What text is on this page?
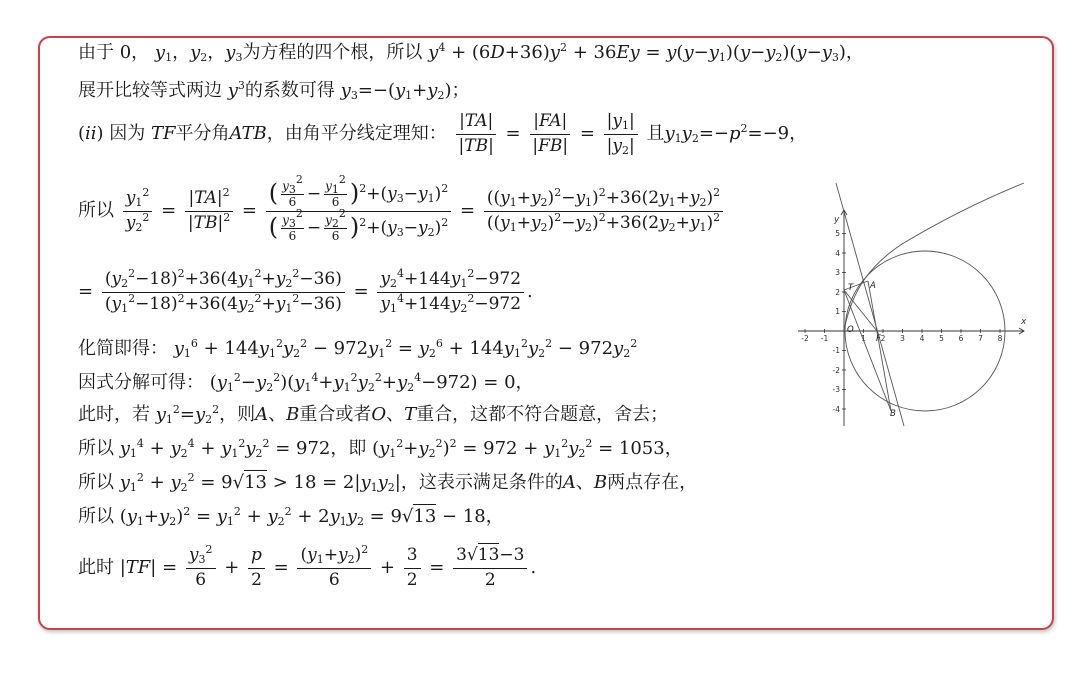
由于 0， $y_1$，$y_2$，$y_3$为方程的四个根，所以 $y^4 + (6D+36)y^2 + 36Ey = y(y-y_1)(y-y_2)(y-y_3)$，
展开比较等式两边 $y^3$的系数可得 $y_3=-(y_1+y_2)$；
(ii) 因为 TF平分角ATB，由角平分线定理知： $\frac{|TA|}{|TB|} = \frac{|FA|}{|FB|} = \frac{|y_1|}{|y_2|}$ 且$y_1y_2=-p^2=-9$，
所以 $\frac{y_1^2}{y_2^2} = \frac{|TA|^2}{|TB|^2} = \frac{( \frac{y_3^2}{6} - \frac{y_1^2}{6} )^2+(y_3-y_1)^2}{( \frac{y_3^2}{6} - \frac{y_2^2}{6} )^2+(y_3-y_2)^2} = \frac{((y_1+y_2)^2-y_1)^2+36(2y_1+y_2)^2}{((y_1+y_2)^2-y_2)^2+36(2y_2+y_1)^2}$
= $\frac{(y_2^2-18)^2+36(4y_1^2+y_2^2-36)}{(y_1^2-18)^2+36(4y_2^2+y_1^2-36)} = \frac{y_2^4+144y_1^2-972}{y_1^4+144y_2^2-972}$ .
化简即得： $y_1^6 + 144y_1^2y_2^2 - 972y_1^2 = y_2^6 + 144y_1^2y_2^2 - 972y_2^2$
因式分解可得： $(y_1^2-y_2^2)(y_1^4+y_1^2y_2^2+y_2^4-972) = 0$，
此时，若 $y_1^2=y_2^2$，则A、B重合或者O、T重合，这都不符合题意，舍去；
所以 $y_1^4 + y_2^4 + y_1^2y_2^2 = 972$，即 $(y_1^2+y_2^2)^2 = 972 + y_1^2y_2^2 = 1053$，
所以 $y_1^2 + y_2^2 = 9√13 > 18 = 2|y_1y_2|$，这表示满足条件的A、B两点存在，
所以 $(y_1+y_2)^2 = y_1^2 + y_2^2 + 2y_1y_2 = 9√13 - 18$，
此时 $|TF| = \frac{y_3^2}{6} + \frac{p}{2} = \frac{(y_1+y_2)^2}{6} + \frac{3}{2} = \frac{3√13-3}{2}$ .
-2 -1	1 2 3 4 5 6 7 8
5
4
3
2
1
-1
-2
-3
-4
x
y
O
T A
F
B
